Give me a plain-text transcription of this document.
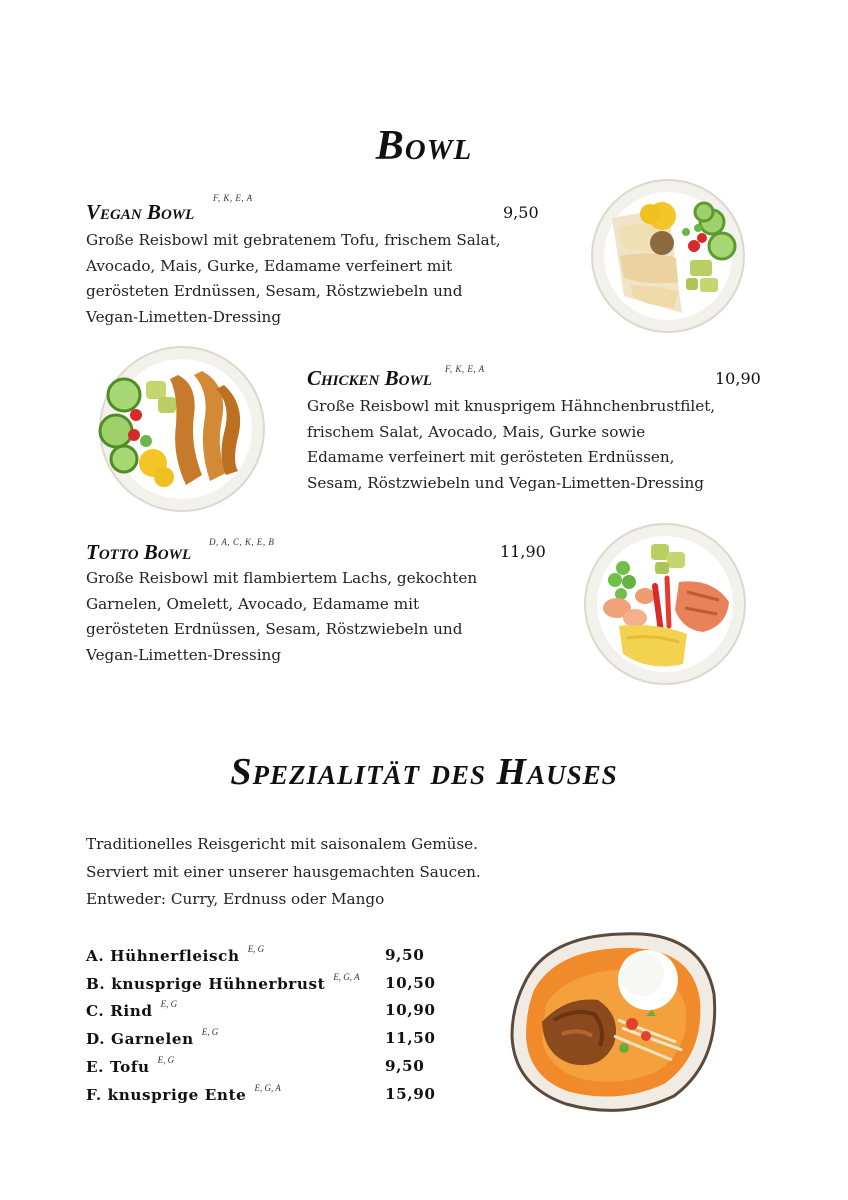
Bowl
Vegan Bowl
F, K, E, A
9,50
Große Reisbowl mit gebratenem Tofu, frischem Salat,
Avocado, Mais, Gurke, Edamame verfeinert mit
gerösteten Erdnüssen, Sesam, Röstzwiebeln und
Vegan-Limetten-Dressing
Chicken Bowl F, K, E, A	10,90
Große Reisbowl mit knusprigem Hähnchenbrustfilet,
frischem Salat, Avocado, Mais, Gurke sowie
Edamame verfeinert mit gerösteten Erdnüssen,
Sesam, Röstzwiebeln und Vegan-Limetten-Dressing
Totto Bowl D, A, C, K, E, B	11,90
Große Reisbowl mit flambiertem Lachs, gekochten
Garnelen, Omelett, Avocado, Edamame mit
gerösteten Erdnüssen, Sesam, Röstzwiebeln und
Vegan-Limetten-Dressing
Spezialität des Hauses
Traditionelles Reisgericht mit saisonalem Gemüse.
Serviert mit einer unserer hausgemachten Saucen.
Entweder: Curry, Erdnuss oder Mango
A. Hühnerfleisch $^{E, G}$	9,50
B. knusprige Hühnerbrust $^{E, G, A}$ 10,50
C. Rind $^{E, G}$	10,90
D. Garnelen $^{E, G}$	11,50
E. Tofu $^{E, G}$	9,50
F. knusprige Ente $^{E, G, A}$	15,90
